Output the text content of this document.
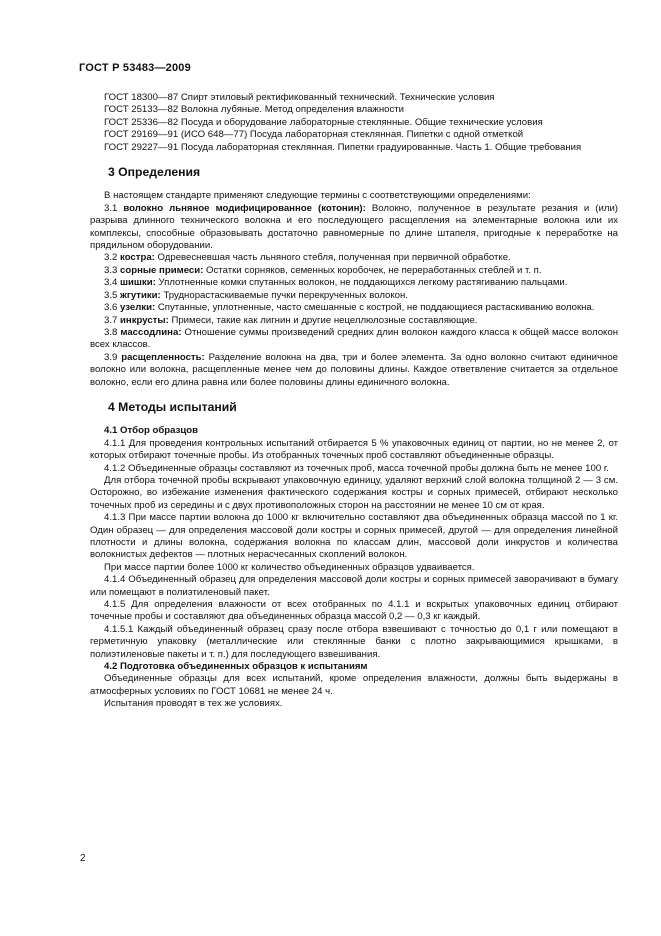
ГОСТ Р 53483—2009

ГОСТ 18300—87 Спирт этиловый ректификованный технический. Технические условия

ГОСТ 25133—82 Волокна лубяные. Метод определения влажности

ГОСТ 25336—82 Посуда и оборудование лабораторные стеклянные. Общие технические условия

ГОСТ 29169—91 (ИСО 648—77) Посуда лабораторная стеклянная. Пипетки с одной отметкой

ГОСТ 29227—91 Посуда лабораторная стеклянная. Пипетки градуированные. Часть 1. Общие требования

3 Определения

В настоящем стандарте применяют следующие термины с соответствующими определениями:

3.1 волокно льняное модифицированное (котонин): Волокно, полученное в результате резания и (или) разрыва длинного технического волокна и его последующего расщепления на элементарные волокна или их комплексы, способные образовывать достаточно равномерные по длине штапеля, пригодные к переработке на прядильном оборудовании.

3.2 костра: Одревесневшая часть льняного стебля, полученная при первичной обработке.

3.3 сорные примеси: Остатки сорняков, семенных коробочек, не переработанных стеблей и т. п.

3.4 шишки: Уплотненные комки спутанных волокон, не поддающихся легкому растягиванию пальцами.

3.5 жгутики: Труднорастаскиваемые пучки перекрученных волокон.

3.6 узелки: Спутанные, уплотненные, часто смешанные с кострой, не поддающиеся растаскиванию волокна.

3.7 инкрусты: Примеси, такие как лигнин и другие нецеллюлозные составляющие.

3.8 массодлина: Отношение суммы произведений средних длин волокон каждого класса к общей массе волокон всех классов.

3.9 расщепленность: Разделение волокна на два, три и более элемента. За одно волокно считают единичное волокно или волокна, расщепленные менее чем до половины длины. Каждое ответвление считается за отдельное волокно, если его длина равна или более половины длины единичного волокна.

4 Методы испытаний

4.1 Отбор образцов

4.1.1 Для проведения контрольных испытаний отбирается 5 % упаковочных единиц от партии, но не менее 2, от которых отбирают точечные пробы. Из отобранных точечных проб составляют объединенные образцы.

4.1.2 Объединенные образцы составляют из точечных проб, масса точечной пробы должна быть не менее 100 г.

Для отбора точечной пробы вскрывают упаковочную единицу, удаляют верхний слой волокна толщиной 2 — 3 см. Осторожно, во избежание изменения фактического содержания костры и сорных примесей, отбирают несколько точечных проб из середины и с двух противоположных сторон на расстоянии не менее 10 см от края.

4.1.3 При массе партии волокна до 1000 кг включительно составляют два объединенных образца массой по 1 кг. Один образец — для определения массовой доли костры и сорных примесей, другой — для определения линейной плотности и длины волокна, содержания волокна по классам длин, массовой доли инкрустов и количества волокнистых дефектов — плотных нерасчесанных скоплений волокон.

При массе партии более 1000 кг количество объединенных образцов удваивается.

4.1.4 Объединенный образец для определения массовой доли костры и сорных примесей заворачивают в бумагу или помещают в полиэтиленовый пакет.

4.1.5 Для определения влажности от всех отобранных по 4.1.1 и вскрытых упаковочных единиц отбирают точечные пробы и составляют два объединенных образца массой 0,2 — 0,3 кг каждый.

4.1.5.1 Каждый объединенный образец сразу после отбора взвешивают с точностью до 0,1 г или помещают в герметичную упаковку (металлические или стеклянные банки с плотно закрывающимися крышками, в полиэтиленовые пакеты и т. п.) для последующего взвешивания.

4.2 Подготовка объединенных образцов к испытаниям

Объединенные образцы для всех испытаний, кроме определения влажности, должны быть выдержаны в атмосферных условиях по ГОСТ 10681 не менее 24 ч.

Испытания проводят в тех же условиях.

2
